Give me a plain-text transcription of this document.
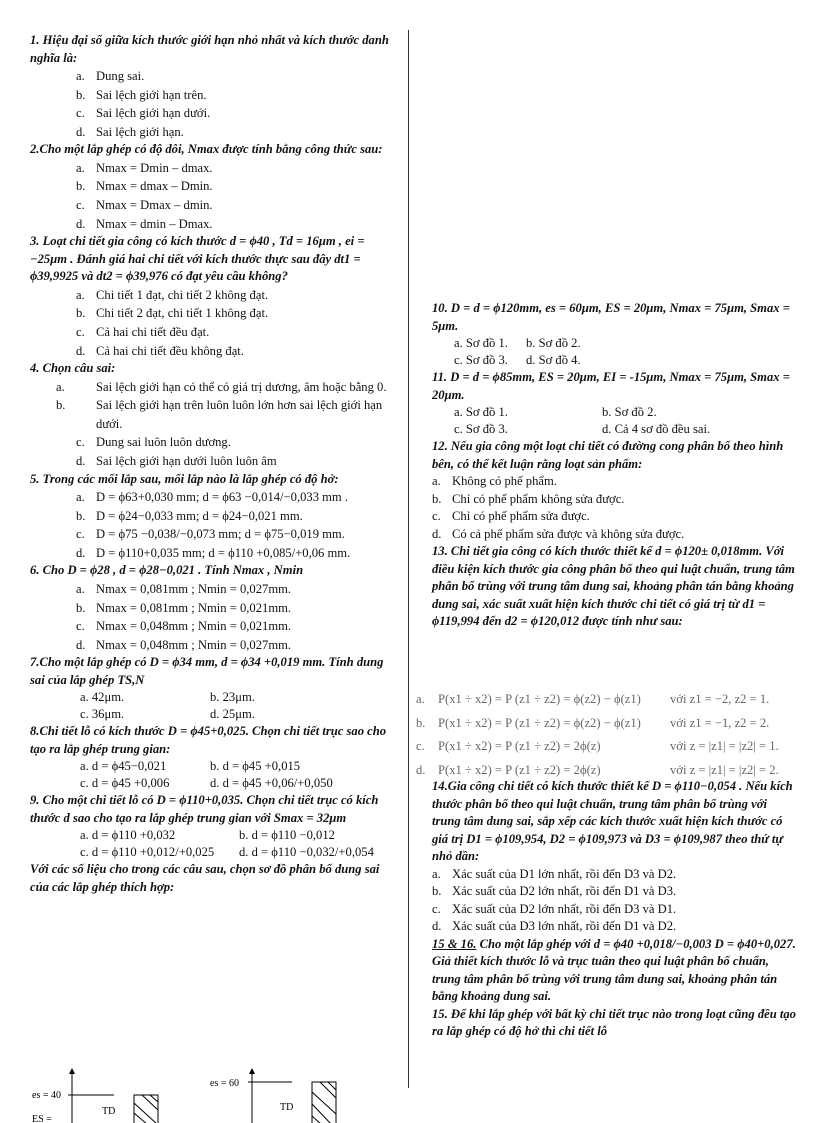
1. Hiệu đại số giữa kích thước giới hạn nhỏ nhất và kích thước danh nghĩa là:

a. Dung sai.

b. Sai lệch giới hạn trên.

c. Sai lệch giới hạn dưới.

d. Sai lệch giới hạn.

2.Cho một lắp ghép có độ dôi, Nmax được tính bằng công thức sau:

a. Nmax = Dmin – dmax.

b. Nmax = dmax – Dmin.

c. Nmax = Dmax – dmin.

d. Nmax = dmin – Dmax.

3. Loạt chi tiết gia công có kích thước d = ϕ40 , Td = 16μm , ei = −25μm . Đánh giá hai chi tiết với kích thước thực sau đây dt1 = ϕ39,9925 và dt2 = ϕ39,976 có đạt yêu cầu không?

a. Chi tiết 1 đạt, chi tiết 2 không đạt.

b. Chi tiết 2 đạt, chi tiết 1 không đạt.

c. Cả hai chi tiết đều đạt.

d. Cả hai chi tiết đều không đạt.

4. Chọn câu sai:

a. Sai lệch giới hạn có thể có giá trị dương, âm hoặc bằng 0.

b. Sai lệch giới hạn trên luôn luôn lớn hơn sai lệch giới hạn dưới.

c. Dung sai luôn luôn dương.

d. Sai lệch giới hạn dưới luôn luôn âm

5. Trong các mối lắp sau, mối lắp nào là lắp ghép có độ hở:

a. D = ϕ63+0,030 mm; d = ϕ63 −0,014/−0,033 mm .

b. D = ϕ24−0,033 mm; d = ϕ24−0,021 mm.

c. D = ϕ75 −0,038/−0,073 mm; d = ϕ75−0,019 mm.

d. D = ϕ110+0,035 mm; d = ϕ110 +0,085/+0,06 mm.

6. Cho D = ϕ28 , d = ϕ28−0,021 . Tính Nmax , Nmin

a. Nmax = 0,081mm ; Nmin = 0,027mm.

b. Nmax = 0,081mm ; Nmin = 0,021mm.

c. Nmax = 0,048mm ; Nmin = 0,021mm.

d. Nmax = 0,048mm ; Nmin = 0,027mm.

7.Cho một lắp ghép có D = ϕ34 mm, d = ϕ34 +0,019 mm. Tính dung sai của lắp ghép TS,N

a. 42μm.	b. 23μm.

c. 36μm.	d. 25μm.

8.Chi tiết lỗ có kích thước D = ϕ45+0,025. Chọn chi tiết trục sao cho tạo ra lắp ghép trung gian:

a. d = ϕ45−0,021	b. d = ϕ45 +0,015

c. d = ϕ45 +0,006	d. d = ϕ45 +0,06/+0,050

9. Cho một chi tiết lỗ có D = ϕ110+0,035. Chọn chi tiết trục có kích thước d sao cho tạo ra lắp ghép trung gian với Smax = 32μm

a. d = ϕ110 +0,032	b. d = ϕ110 −0,012

c. d = ϕ110 +0,012/+0,025	d. d = ϕ110 −0,032/+0,054

Với các số liệu cho trong các câu sau, chọn sơ đồ phân bố dung sai của các lắp ghép thích hợp:

10. D = d = ϕ120mm, es = 60μm, ES = 20μm, Nmax = 75μm, Smax = 5μm.

a. Sơ đồ 1.	b. Sơ đồ 2.

c. Sơ đồ 3.	d. Sơ đồ 4.

11. D = d = ϕ85mm, ES = 20μm, EI = -15μm, Nmax = 75μm, Smax = 20μm.

a. Sơ đồ 1.	b. Sơ đồ 2.

c. Sơ đồ 3.	d. Cả 4 sơ đồ đều sai.

12. Nếu gia công một loạt chi tiết có đường cong phân bố theo hình bên, có thể kết luận rằng loạt sản phẩm:

a. Không có phế phẩm.

b. Chỉ có phế phẩm không sửa được.

c. Chỉ có phế phẩm sửa được.

d. Có cả phế phẩm sửa được và không sửa được.

13. Chi tiết gia công có kích thước thiết kế d = ϕ120± 0,018mm. Với điều kiện kích thước gia công phân bố theo qui luật chuẩn, trung tâm phân bố trùng với trung tâm dung sai, khoảng phân tán bằng khoảng dung sai, xác suất xuất hiện kích thước chi tiết có giá trị từ d1 = ϕ119,994 đến d2 = ϕ120,012 được tính như sau:

a. P(x1 ÷ x2) = P (z1 ÷ z2) = ϕ(z2) − ϕ(z1) với z1 = −2, z2 = 1.
b. P(x1 ÷ x2) = P (z1 ÷ z2) = ϕ(z2) − ϕ(z1) với z1 = −1, z2 = 2.
c. P(x1 ÷ x2) = P (z1 ÷ z2) = 2ϕ(z)	với z = |z1| = |z2| = 1.
d. P(x1 ÷ x2) = P (z1 ÷ z2) = 2ϕ(z)	với z = |z1| = |z2| = 2.

14.Gia công chi tiết có kích thước thiết kế D = ϕ110−0,054 . Nếu kích thước phân bố theo qui luật chuẩn, trung tâm phân bố trùng với trung tâm dung sai, sắp xếp các kích thước xuất hiện kích thước có giá trị D1 = ϕ109,954, D2 = ϕ109,973 và D3 = ϕ109,987 theo thứ tự nhỏ dần:

a. Xác suất của D1 lớn nhất, rồi đến D3 và D2.

b. Xác suất của D2 lớn nhất, rồi đến D1 và D3.

c. Xác suất của D2 lớn nhất, rồi đến D3 và D1.

d. Xác suất của D3 lớn nhất, rồi đến D1 và D2.

15 & 16. Cho một lắp ghép với d = ϕ40 +0,018/−0,003 D = ϕ40+0,027. Giả thiết kích thước lỗ và trục tuân theo qui luật phân bố chuẩn, trung tâm phân bố trùng với trung tâm dung sai, khoảng phân tán bằng khoảng dung sai.

15. Để khi lắp ghép với bất kỳ chi tiết trục nào trong loạt cũng đều tạo ra lắp ghép có độ hở thì chi tiết lỗ

es = 40
TD
ES =
es = 60
TD
